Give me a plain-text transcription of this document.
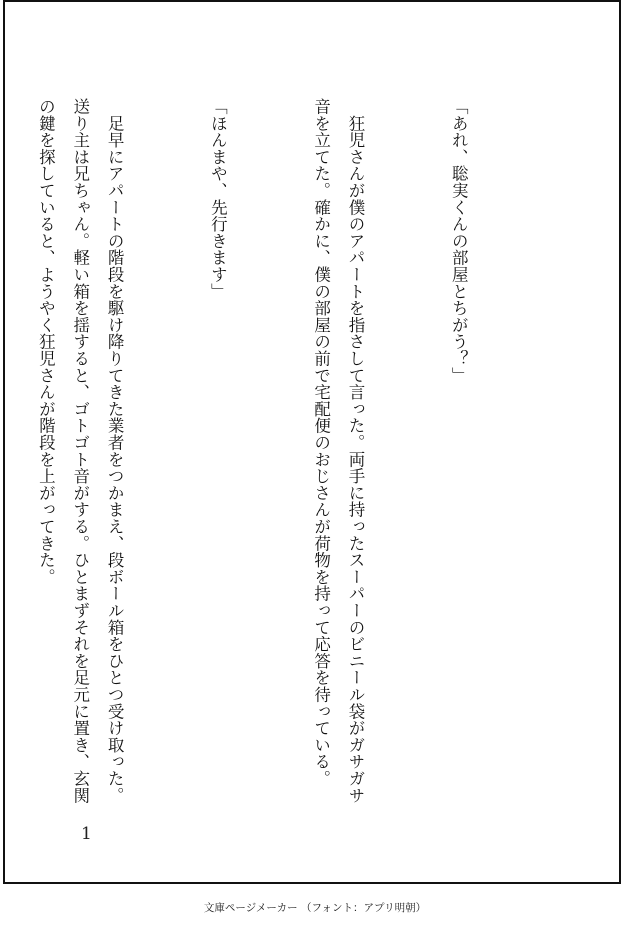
「あれ、聡実くんの部屋とちがう？」

　狂児さんが僕のアパートを指さして言った。両手に持ったスーパーのビニール袋がガサガサ音を立てた。確かに、僕の部屋の前で宅配便のおじさんが荷物を持って応答を待っている。

「ほんまや、先行きます」

　足早にアパートの階段を駆け降りてきた業者をつかまえ、段ボール箱をひとつ受け取った。送り主は兄ちゃん。軽い箱を揺すると、ゴトゴト音がする。ひとまずそれを足元に置き、玄関の鍵を探していると、ようやく狂児さんが階段を上がってきた。

1
文庫ページメーカー （フォント：アプリ明朝）
